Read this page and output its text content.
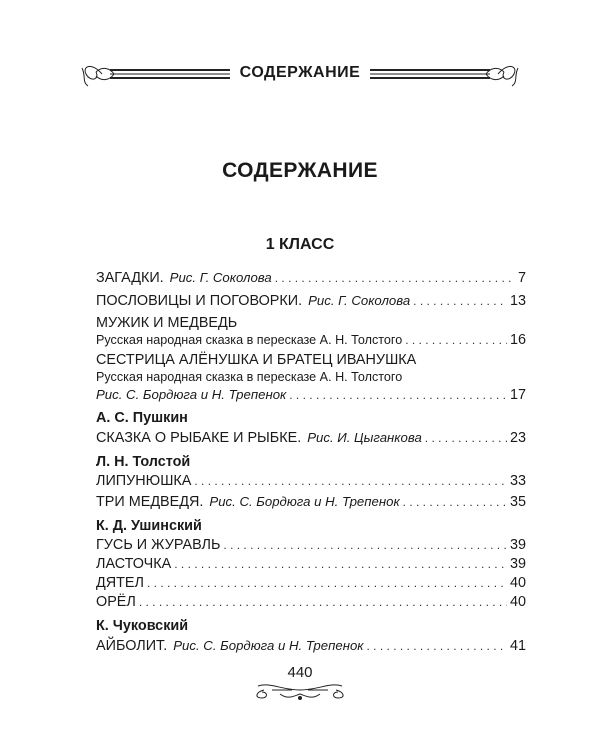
СОДЕРЖАНИЕ
СОДЕРЖАНИЕ
1 КЛАСС
ЗАГАДКИ. Рис. Г. Соколова . . .	7
ПОСЛОВИЦЫ И ПОГОВОРКИ. Рис. Г. Соколова . . .	13
МУЖИК И МЕДВЕДЬ
Русская народная сказка в пересказе А. Н. Толстого . . .	16
СЕСТРИЦА АЛЁНУШКА И БРАТЕЦ ИВАНУШКА
Русская народная сказка в пересказе А. Н. Толстого
Рис. С. Бордюга и Н. Трепенок . . .	17
А. С. Пушкин
СКАЗКА О РЫБАКЕ И РЫБКЕ. Рис. И. Цыганкова . . .	23
Л. Н. Толстой
ЛИПУНЮШКА . . .	33
ТРИ МЕДВЕДЯ. Рис. С. Бордюга и Н. Трепенок . . .	35
К. Д. Ушинский
ГУСЬ И ЖУРАВЛЬ . . .	39
ЛАСТОЧКА . . .	39
ДЯТЕЛ . . .	40
ОРЁЛ . . .	40
К. Чуковский
АЙБОЛИТ. Рис. С. Бордюга и Н. Трепенок . . .	41
440
